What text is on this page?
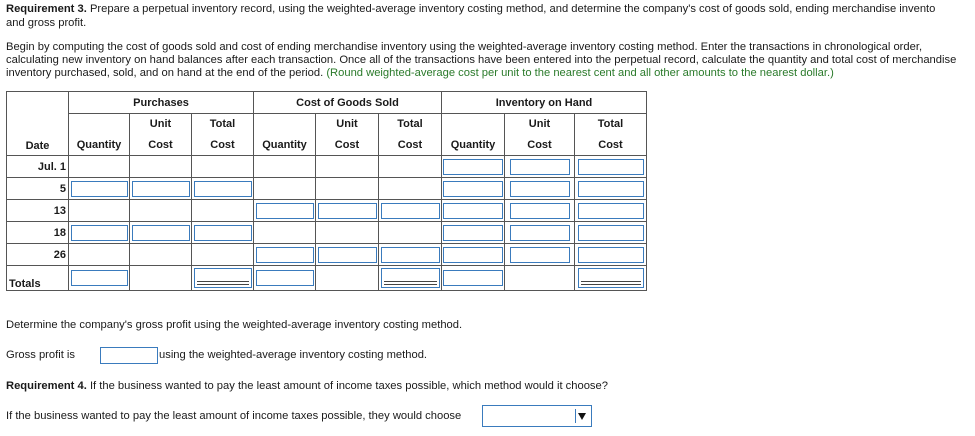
Requirement 3. Prepare a perpetual inventory record, using the weighted-average inventory costing method, and determine the company's cost of goods sold, ending merchandise invento
and gross profit.
Begin by computing the cost of goods sold and cost of ending merchandise inventory using the weighted-average inventory costing method. Enter the transactions in chronological order, calculating new inventory on hand balances after each transaction. Once all of the transactions have been entered into the perpetual record, calculate the quantity and total cost of merchandise inventory purchased, sold, and on hand at the end of the period. (Round weighted-average cost per unit to the nearest cent and all other amounts to the nearest dollar.)
Date	Purchases			Cost of Goods Sold			Inventory on Hand		
		Unit	Total		Unit	Total		Unit	Total
	Quantity	Cost	Cost	Quantity	Cost	Cost	Quantity	Cost	Cost
Jul. 1							

5	

13				

18	

26				

Totals	

Determine the company's gross profit using the weighted-average inventory costing method.
Gross profit is	using the weighted-average inventory costing method.
Requirement 4. If the business wanted to pay the least amount of income taxes possible, which method would it choose?
If the business wanted to pay the least amount of income taxes possible, they would choose
